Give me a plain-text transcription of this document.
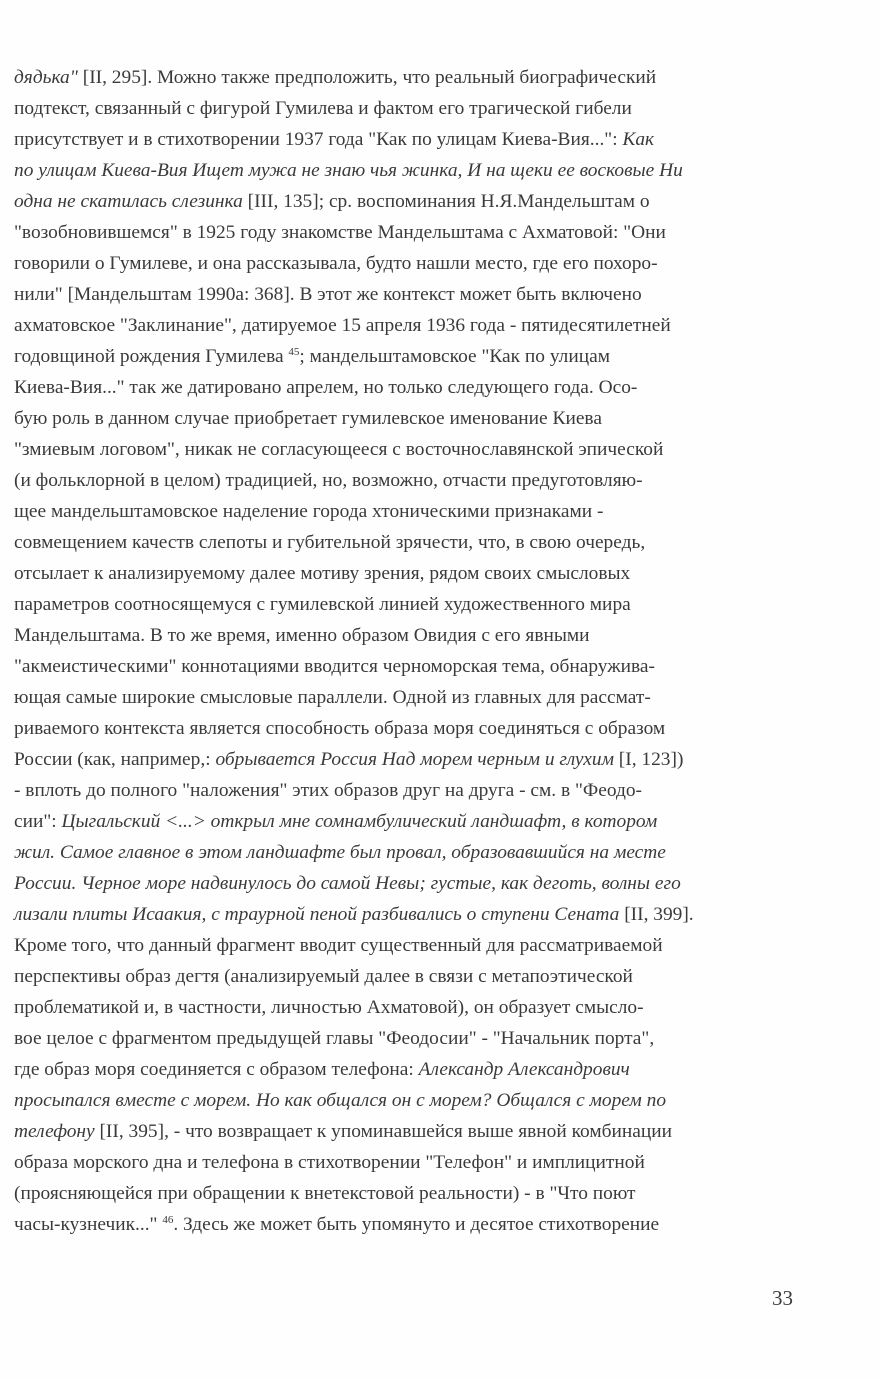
дядька" [II, 295]. Можно также предположить, что реальный биографический
подтекст, связанный с фигурой Гумилева и фактом его трагической гибели
присутствует и в стихотворении 1937 года "Как по улицам Киева-Вия...": Как
по улицам Киева-Вия Ищет мужа не знаю чья жинка, И на щеки ее восковые Ни
одна не скатилась слезинка [III, 135]; ср. воспоминания Н.Я.Мандельштам о
"возобновившемся" в 1925 году знакомстве Мандельштама с Ахматовой: "Они
говорили о Гумилеве, и она рассказывала, будто нашли место, где его похоро-
нили" [Мандельштам 1990а: 368]. В этот же контекст может быть включено
ахматовское "Заклинание", датируемое 15 апреля 1936 года - пятидесятилетней
годовщиной рождения Гумилева $^{45}$; мандельштамовское "Как по улицам
Киева-Вия..." так же датировано апрелем, но только следующего года. Осо-
бую роль в данном случае приобретает гумилевское именование Киева
"змиевым логовом", никак не согласующееся с восточнославянской эпической
(и фольклорной в целом) традицией, но, возможно, отчасти предуготовляю-
щее мандельштамовское наделение города хтоническими признаками -
совмещением качеств слепоты и губительной зрячести, что, в свою очередь,
отсылает к анализируемому далее мотиву зрения, рядом своих смысловых
параметров соотносящемуся с гумилевской линией художественного мира
Мандельштама. В то же время, именно образом Овидия с его явными
"акмеистическими" коннотациями вводится черноморская тема, обнаружива-
ющая самые широкие смысловые параллели. Одной из главных для рассмат-
риваемого контекста является способность образа моря соединяться с образом
России (как, например,: обрывается Россия Над морем черным и глухим [I, 123])
- вплоть до полного "наложения" этих образов друг на друга - см. в "Феодо-
сии": Цыгальский <...> открыл мне сомнамбулический ландшафт, в котором
жил. Самое главное в этом ландшафте был провал, образовавшийся на месте
России. Черное море надвинулось до самой Невы; густые, как деготь, волны его
лизали плиты Исаакия, с траурной пеной разбивались о ступени Сената [II, 399].
Кроме того, что данный фрагмент вводит существенный для рассматриваемой
перспективы образ дегтя (анализируемый далее в связи с метапоэтической
проблематикой и, в частности, личностью Ахматовой), он образует смысло-
вое целое с фрагментом предыдущей главы "Феодосии" - "Начальник порта",
где образ моря соединяется с образом телефона: Александр Александрович
просыпался вместе с морем. Но как общался он с морем? Общался с морем по
телефону [II, 395], - что возвращает к упоминавшейся выше явной комбинации
образа морского дна и телефона в стихотворении "Телефон" и имплицитной
(проясняющейся при обращении к внетекстовой реальности) - в "Что поют
часы-кузнечик..." $^{46}$. Здесь же может быть упомянуто и десятое стихотворение
33
